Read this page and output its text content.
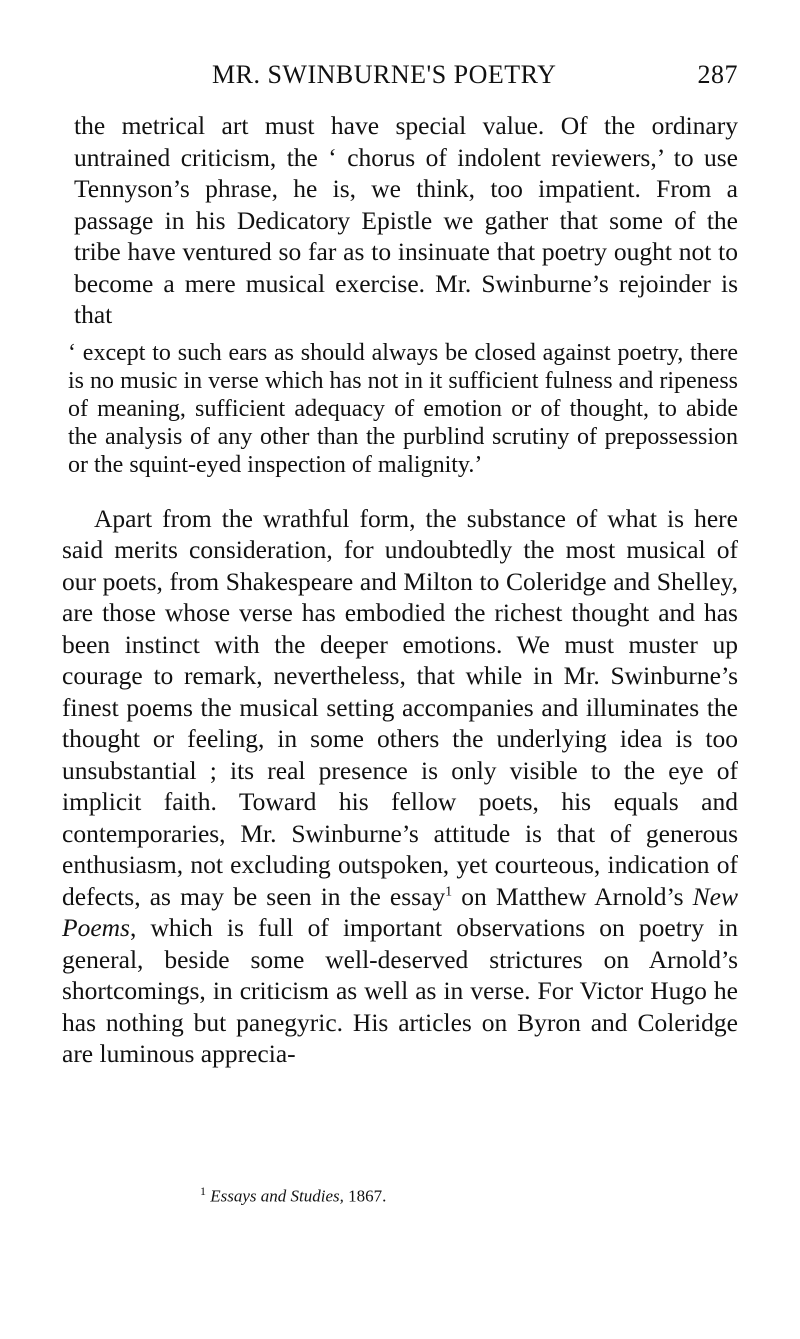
MR. SWINBURNE'S POETRY	287

the metrical art must have special value. Of the ordinary untrained criticism, the ‘ chorus of indolent reviewers,’ to use Tennyson’s phrase, he is, we think, too impatient. From a passage in his Dedicatory Epistle we gather that some of the tribe have ventured so far as to insinuate that poetry ought not to become a mere musical exercise. Mr. Swinburne’s rejoinder is that

‘ except to such ears as should always be closed against poetry, there is no music in verse which has not in it sufficient fulness and ripeness of meaning, sufficient adequacy of emotion or of thought, to abide the analysis of any other than the purblind scrutiny of prepossession or the squint-eyed inspection of malignity.’

Apart from the wrathful form, the substance of what is here said merits consideration, for undoubtedly the most musical of our poets, from Shakespeare and Milton to Coleridge and Shelley, are those whose verse has embodied the richest thought and has been instinct with the deeper emotions. We must muster up courage to remark, nevertheless, that while in Mr. Swinburne’s finest poems the musical setting accompanies and illuminates the thought or feeling, in some others the underlying idea is too unsubstantial ; its real presence is only visible to the eye of implicit faith. Toward his fellow poets, his equals and contemporaries, Mr. Swinburne’s attitude is that of generous enthusiasm, not excluding outspoken, yet courteous, indication of defects, as may be seen in the essay$^1$ on Matthew Arnold’s New Poems, which is full of important observations on poetry in general, beside some well-deserved strictures on Arnold’s shortcomings, in criticism as well as in verse. For Victor Hugo he has nothing but panegyric. His articles on Byron and Coleridge are luminous apprecia-

$^1$ Essays and Studies, 1867.
